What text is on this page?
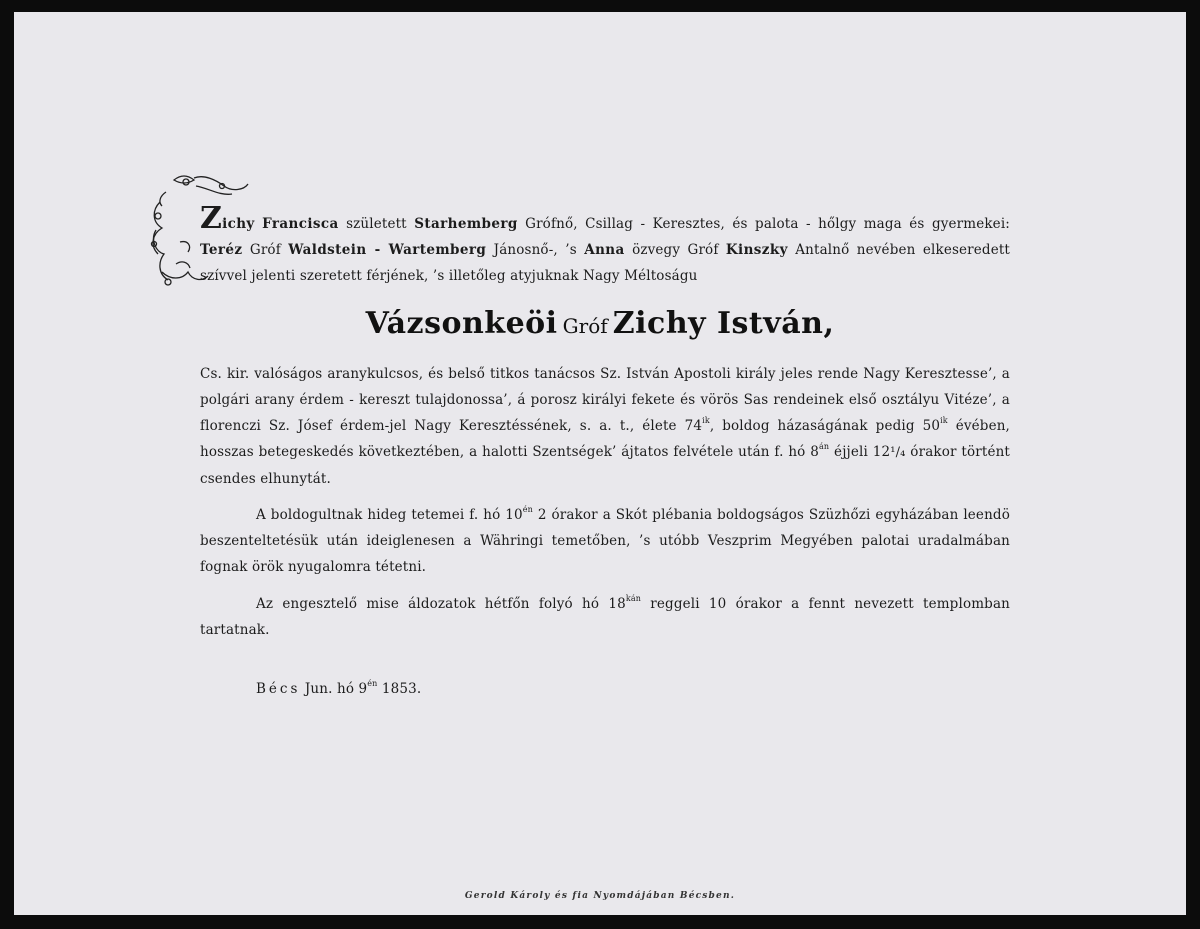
Zichy Francisca született Starhemberg Grófnő, Csillag - Keresztes, és palota - hőlgy maga és gyermekei: Teréz Gróf Waldstein - Wartemberg Jánosnő-, ’s Anna özvegy Gróf Kinszky Antalnő nevében elkeseredett szívvel jelenti szeretett férjének, ’s illetőleg atyjuknak Nagy Méltoságu
Vázsonkeöi Gróf Zichy István,
Cs. kir. valóságos aranykulcsos, és belső titkos tanácsos Sz. István Apostoli király jeles rende Nagy Keresztesse’, a polgári arany érdem - kereszt tulajdonossa’, á porosz királyi fekete és vörös Sas rendeinek első osztályu Vitéze’, a florenczi Sz. Jósef érdem-jel Nagy Keresztéssének, s. a. t., élete $74^{ik}$, boldog házaságának pedig $50^{ik}$ évében, hosszas betegeskedés következtében, a halotti Szentségek’ ájtatos felvétele után f. hó $8^{án}$ éjjeli 12¹/₄ órakor történt csendes elhunytát.
A boldogultnak hideg tetemei f. hó $10^{én}$ 2 órakor a Skót plébania boldogságos Szüzhőzi egyházában leendö beszenteltetésük után ideiglenesen a Währingi temetőben, ’s utóbb Veszprim Megyében palotai uradalmában fognak örök nyugalomra tétetni.
Az engesztelő mise áldozatok hétfőn folyó hó $18^{kán}$ reggeli 10 órakor a fennt nevezett templomban tartatnak.
Bécs Jun. hó $9^{én}$ 1853.
Gerold Károly és fia Nyomdájában Bécsben.
